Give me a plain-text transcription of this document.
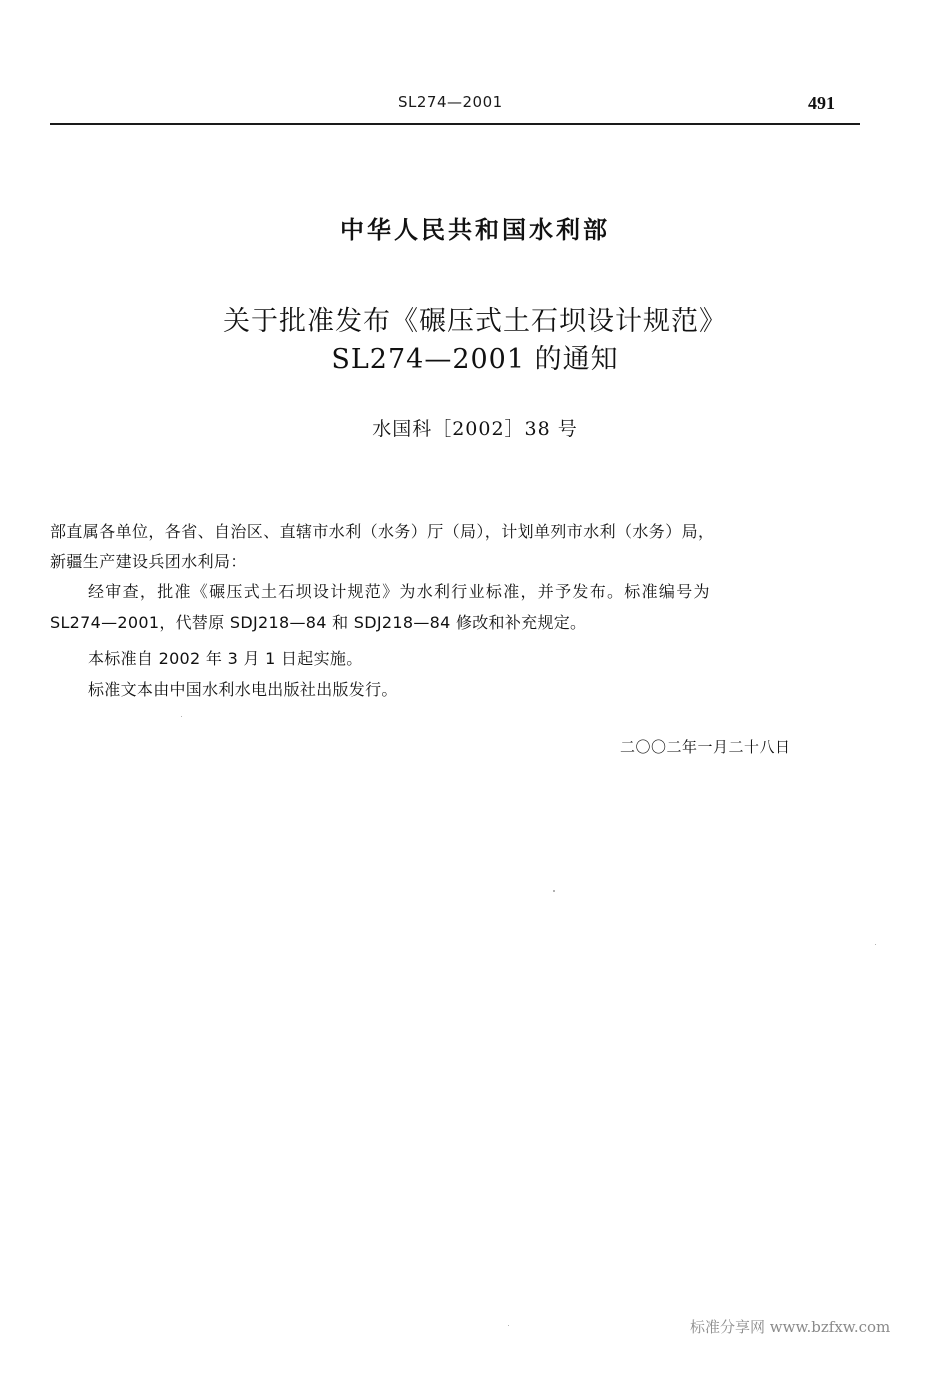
SL274—2001	491
中华人民共和国水利部
关于批准发布《碾压式土石坝设计规范》
SL274—2001 的通知
水国科［2002］38 号
部直属各单位，各省、自治区、直辖市水利（水务）厅（局），计划单列市水利（水务）局，
新疆生产建设兵团水利局：
经审查，批准《碾压式土石坝设计规范》为水利行业标准，并予发布。标准编号为
SL274—2001，代替原 SDJ218—84 和 SDJ218—84 修改和补充规定。
本标准自 2002 年 3 月 1 日起实施。
标准文本由中国水利水电出版社出版发行。
二〇〇二年一月二十八日
标准分享网 www.bzfxw.com
